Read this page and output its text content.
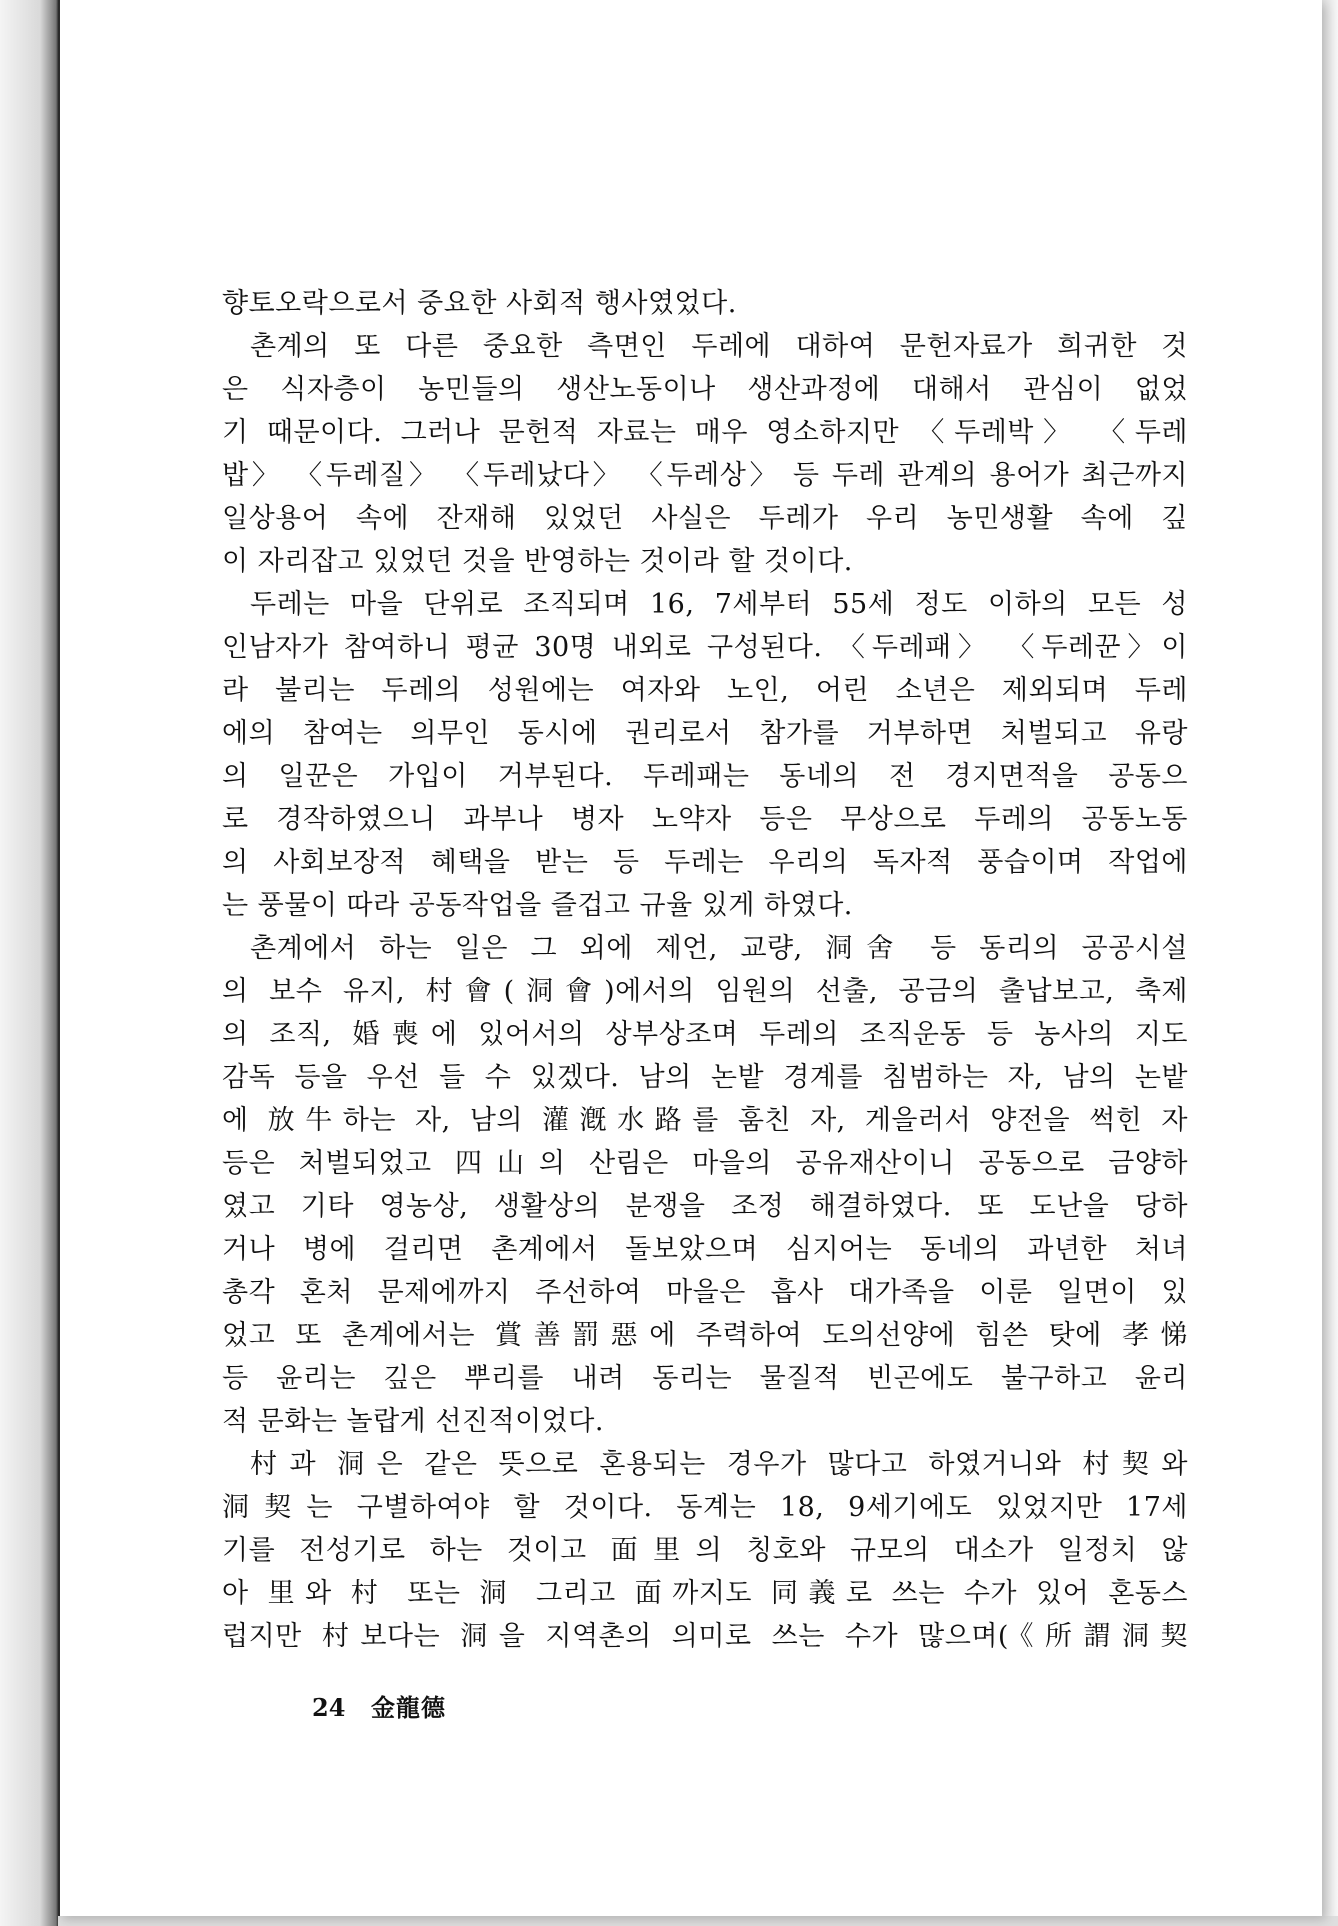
향토오락으로서 중요한 사회적 행사였었다.
촌계의 또 다른 중요한 측면인 두레에 대하여 문헌자료가 희귀한 것
은 식자층이 농민들의 생산노동이나 생산과정에 대해서 관심이 없었
기 때문이다. 그러나 문헌적 자료는 매우 영소하지만 〈두레박〉 〈두레
밥〉 〈두레질〉 〈두레났다〉 〈두레상〉 등 두레 관계의 용어가 최근까지
일상용어 속에 잔재해 있었던 사실은 두레가 우리 농민생활 속에 깊
이 자리잡고 있었던 것을 반영하는 것이라 할 것이다.
두레는 마을 단위로 조직되며 16, 7세부터 55세 정도 이하의 모든 성
인남자가 참여하니 평균 30명 내외로 구성된다. 〈두레패〉 〈두레꾼〉이
라 불리는 두레의 성원에는 여자와 노인, 어린 소년은 제외되며 두레
에의 참여는 의무인 동시에 권리로서 참가를 거부하면 처벌되고 유랑
의 일꾼은 가입이 거부된다. 두레패는 동네의 전 경지면적을 공동으
로 경작하였으니 과부나 병자 노약자 등은 무상으로 두레의 공동노동
의 사회보장적 혜택을 받는 등 두레는 우리의 독자적 풍습이며 작업에
는 풍물이 따라 공동작업을 즐겁고 규율 있게 하였다.
촌계에서 하는 일은 그 외에 제언, 교량, 洞舍 등 동리의 공공시설
의 보수 유지, 村會(洞會)에서의 임원의 선출, 공금의 출납보고, 축제
의 조직, 婚喪에 있어서의 상부상조며 두레의 조직운동 등 농사의 지도
감독 등을 우선 들 수 있겠다. 남의 논밭 경계를 침범하는 자, 남의 논밭
에 放牛하는 자, 남의 灌漑水路를 훔친 자, 게을러서 양전을 썩힌 자
등은 처벌되었고 四山의 산림은 마을의 공유재산이니 공동으로 금양하
였고 기타 영농상, 생활상의 분쟁을 조정 해결하였다. 또 도난을 당하
거나 병에 걸리면 촌계에서 돌보았으며 심지어는 동네의 과년한 처녀
총각 혼처 문제에까지 주선하여 마을은 흡사 대가족을 이룬 일면이 있
었고 또 촌계에서는 賞善罰惡에 주력하여 도의선양에 힘쓴 탓에 孝悌
등 윤리는 깊은 뿌리를 내려 동리는 물질적 빈곤에도 불구하고 윤리
적 문화는 놀랍게 선진적이었다.
村과 洞은 같은 뜻으로 혼용되는 경우가 많다고 하였거니와 村契와
洞契는 구별하여야 할 것이다. 동계는 18, 9세기에도 있었지만 17세
기를 전성기로 하는 것이고 面里의 칭호와 규모의 대소가 일정치 않
아 里와 村 또는 洞 그리고 面까지도 同義로 쓰는 수가 있어 혼동스
럽지만 村보다는 洞을 지역촌의 의미로 쓰는 수가 많으며(《所謂洞契
24 金龍德
